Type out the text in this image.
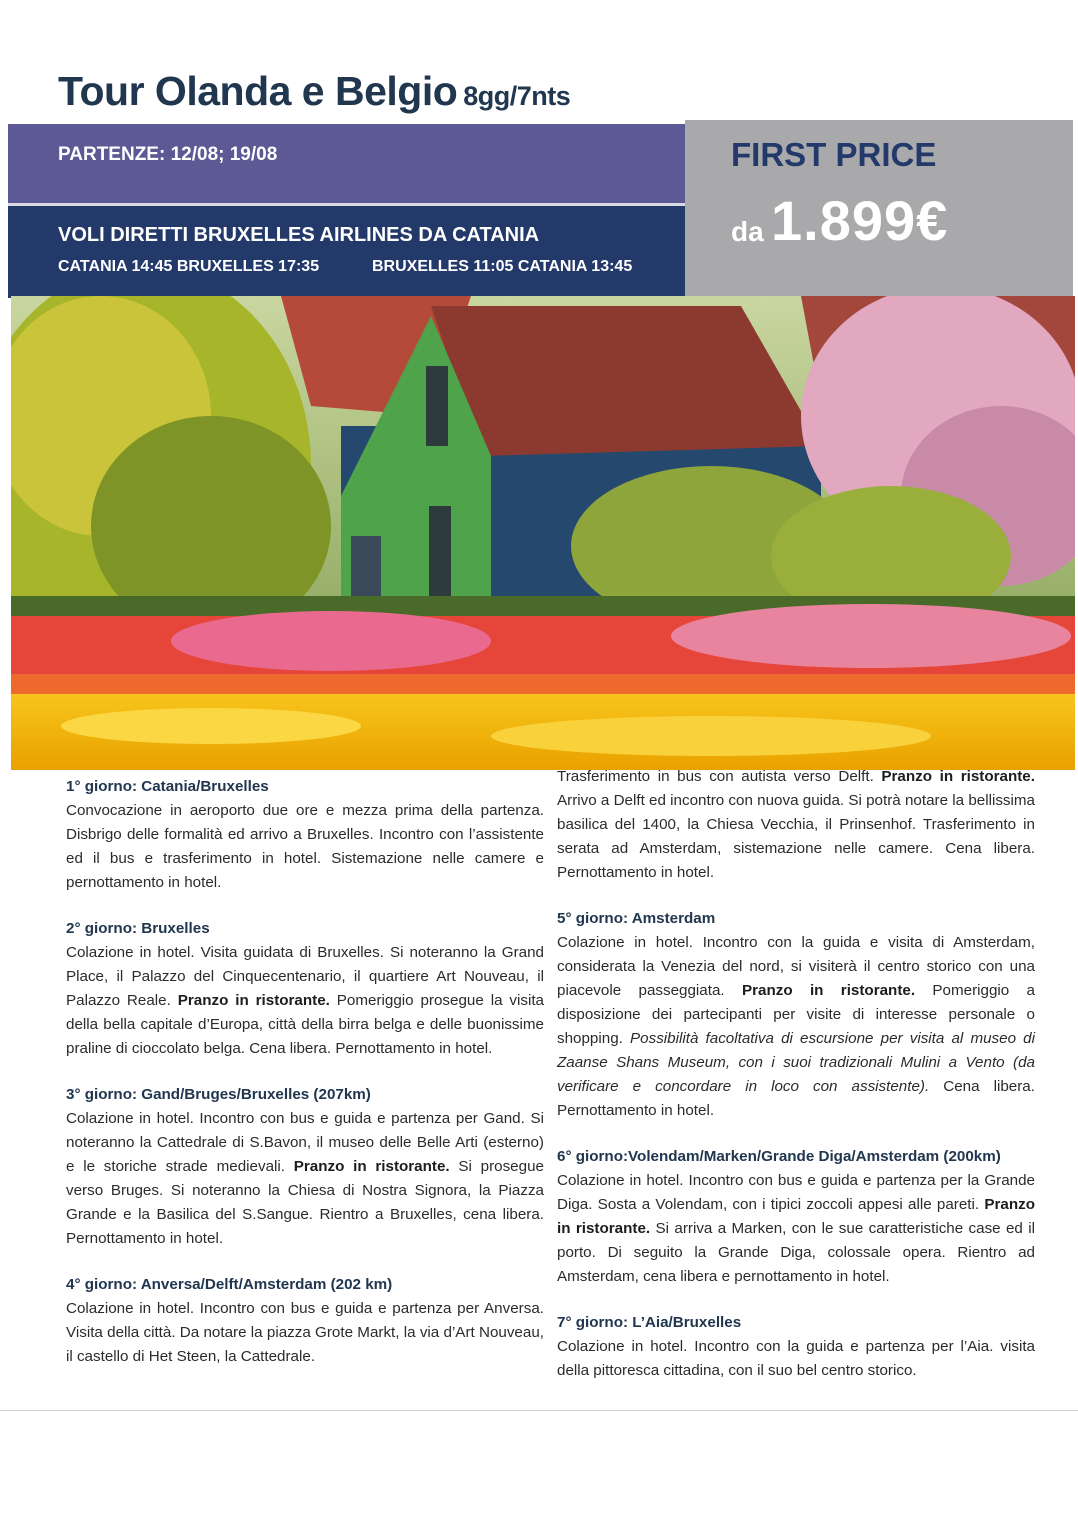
Tour Olanda e Belgio 8gg/7nts
PARTENZE: 12/08; 19/08
VOLI DIRETTI BRUXELLES AIRLINES DA CATANIA
CATANIA 14:45 BRUXELLES 17:35	BRUXELLES 11:05 CATANIA 13:45
FIRST PRICE
da 1.899€

1° giorno: Catania/Bruxelles

Convocazione in aeroporto due ore e mezza prima della partenza. Disbrigo delle formalità ed arrivo a Bruxelles. Incontro con l’assistente ed il bus e trasferimento in hotel. Sistemazione nelle camere e pernottamento in hotel.

2° giorno: Bruxelles

Colazione in hotel. Visita guidata di Bruxelles. Si noteranno la Grand Place, il Palazzo del Cinquecentenario, il quartiere Art Nouveau, il Palazzo Reale. Pranzo in ristorante. Pomeriggio prosegue la visita della bella capitale d’Europa, città della birra belga e delle buonissime praline di cioccolato belga. Cena libera. Pernottamento in hotel.

3° giorno: Gand/Bruges/Bruxelles (207km)

Colazione in hotel. Incontro con bus e guida e partenza per Gand. Si noteranno la Cattedrale di S.Bavon, il museo delle Belle Arti (esterno) e le storiche strade medievali. Pranzo in ristorante. Si prosegue verso Bruges. Si noteranno la Chiesa di Nostra Signora, la Piazza Grande e la Basilica del S.Sangue. Rientro a Bruxelles, cena libera. Pernottamento in hotel.

4° giorno: Anversa/Delft/Amsterdam (202 km)

Colazione in hotel. Incontro con bus e guida e partenza per Anversa. Visita della città. Da notare la piazza Grote Markt, la via d’Art Nouveau, il castello di Het Steen, la Cattedrale.

Trasferimento in bus con autista verso Delft. Pranzo in ristorante. Arrivo a Delft ed incontro con nuova guida. Si potrà notare la bellissima basilica del 1400, la Chiesa Vecchia, il Prinsenhof. Trasferimento in serata ad Amsterdam, sistemazione nelle camere. Cena libera. Pernottamento in hotel.

5° giorno: Amsterdam

Colazione in hotel. Incontro con la guida e visita di Amsterdam, considerata la Venezia del nord, si visiterà il centro storico con una piacevole passeggiata. Pranzo in ristorante. Pomeriggio a disposizione dei partecipanti per visite di interesse personale o shopping. Possibilità facoltativa di escursione per visita al museo di Zaanse Shans Museum, con i suoi tradizionali Mulini a Vento (da verificare e concordare in loco con assistente). Cena libera. Pernottamento in hotel.

6° giorno:Volendam/Marken/Grande Diga/Amsterdam (200km)

Colazione in hotel. Incontro con bus e guida e partenza per la Grande Diga. Sosta a Volendam, con i tipici zoccoli appesi alle pareti. Pranzo in ristorante. Si arriva a Marken, con le sue caratteristiche case ed il porto. Di seguito la Grande Diga, colossale opera. Rientro ad Amsterdam, cena libera e pernottamento in hotel.

7° giorno: L’Aia/Bruxelles

Colazione in hotel. Incontro con la guida e partenza per l’Aia. visita della pittoresca cittadina, con il suo bel centro storico.
